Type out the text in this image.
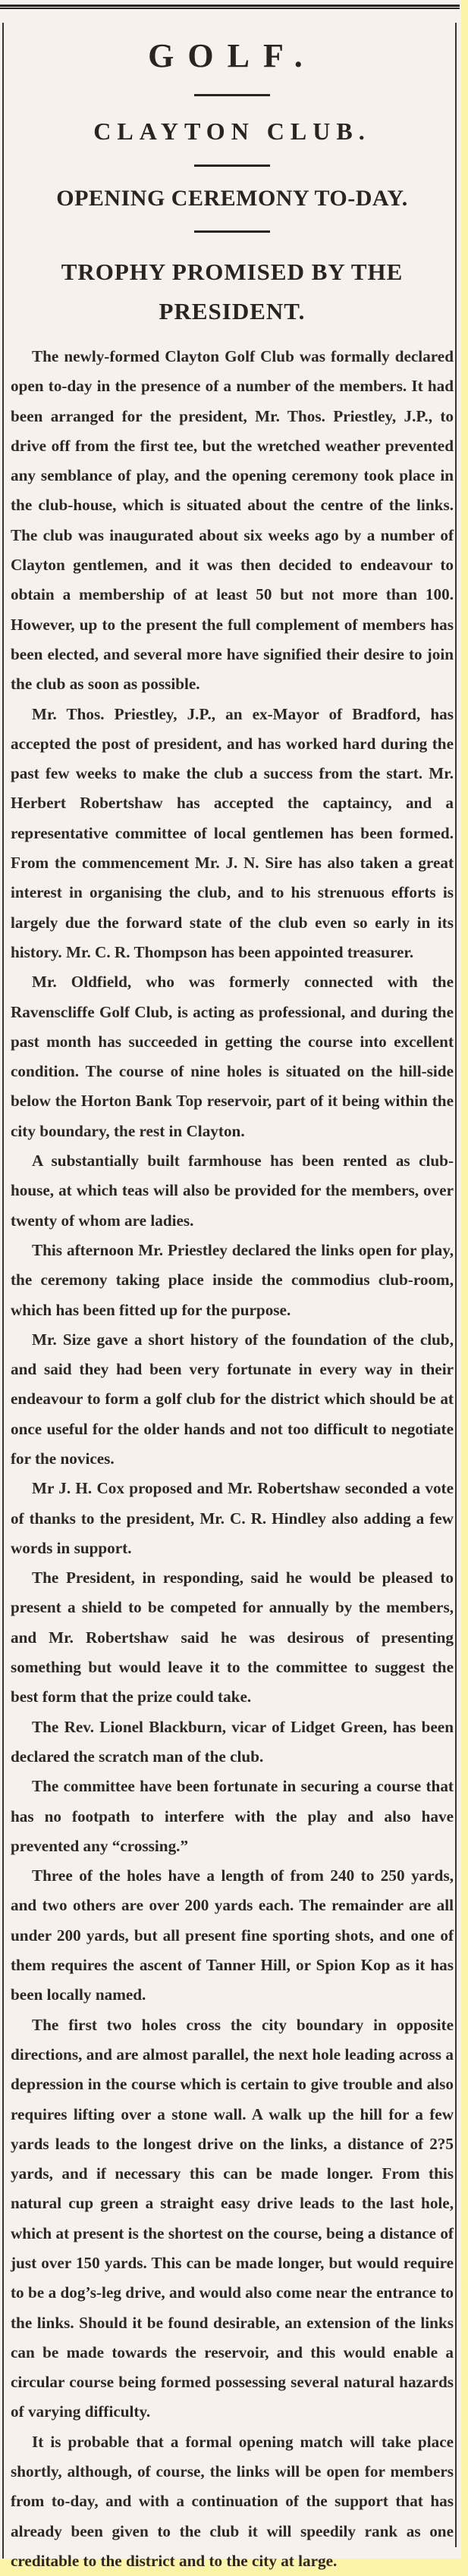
GOLF.
CLAYTON CLUB.
OPENING CEREMONY TO-DAY.
TROPHY PROMISED BY THE PRESIDENT.

The newly-formed Clayton Golf Club was formally declared open to-day in the presence of a number of the members. It had been arranged for the president, Mr. Thos. Priestley, J.P., to drive off from the first tee, but the wretched weather prevented any semblance of play, and the opening ceremony took place in the club-house, which is situated about the centre of the links. The club was inaugurated about six weeks ago by a number of Clayton gentlemen, and it was then decided to endeavour to obtain a membership of at least 50 but not more than 100. However, up to the present the full complement of members has been elected, and several more have signified their desire to join the club as soon as possible.

Mr. Thos. Priestley, J.P., an ex-Mayor of Bradford, has accepted the post of president, and has worked hard during the past few weeks to make the club a success from the start. Mr. Herbert Robertshaw has accepted the captaincy, and a representative committee of local gentlemen has been formed. From the commencement Mr. J. N. Sire has also taken a great interest in organising the club, and to his strenuous efforts is largely due the forward state of the club even so early in its history. Mr. C. R. Thompson has been appointed treasurer.

Mr. Oldfield, who was formerly connected with the Ravenscliffe Golf Club, is acting as professional, and during the past month has succeeded in getting the course into excellent condition. The course of nine holes is situated on the hill-side below the Horton Bank Top reservoir, part of it being within the city boundary, the rest in Clayton.

A substantially built farmhouse has been rented as club-house, at which teas will also be provided for the members, over twenty of whom are ladies.

This afternoon Mr. Priestley declared the links open for play, the ceremony taking place inside the commodius club-room, which has been fitted up for the purpose.

Mr. Size gave a short history of the foundation of the club, and said they had been very fortunate in every way in their endeavour to form a golf club for the district which should be at once useful for the older hands and not too difficult to negotiate for the novices.

Mr J. H. Cox proposed and Mr. Robertshaw seconded a vote of thanks to the president, Mr. C. R. Hindley also adding a few words in support.

The President, in responding, said he would be pleased to present a shield to be competed for annually by the members, and Mr. Robertshaw said he was desirous of presenting something but would leave it to the committee to suggest the best form that the prize could take.

The Rev. Lionel Blackburn, vicar of Lidget Green, has been declared the scratch man of the club.

The committee have been fortunate in securing a course that has no footpath to interfere with the play and also have prevented any “crossing.”

Three of the holes have a length of from 240 to 250 yards, and two others are over 200 yards each. The remainder are all under 200 yards, but all present fine sporting shots, and one of them requires the ascent of Tanner Hill, or Spion Kop as it has been locally named.

The first two holes cross the city boundary in opposite directions, and are almost parallel, the next hole leading across a depression in the course which is certain to give trouble and also requires lifting over a stone wall. A walk up the hill for a few yards leads to the longest drive on the links, a distance of 2?5 yards, and if necessary this can be made longer. From this natural cup green a straight easy drive leads to the last hole, which at present is the shortest on the course, being a distance of just over 150 yards. This can be made longer, but would require to be a dog’s-leg drive, and would also come near the entrance to the links. Should it be found desirable, an extension of the links can be made towards the reservoir, and this would enable a circular course being formed possessing several natural hazards of varying difficulty.

It is probable that a formal opening match will take place shortly, although, of course, the links will be open for members from to-day, and with a continuation of the support that has already been given to the club it will speedily rank as one creditable to the district and to the city at large.
